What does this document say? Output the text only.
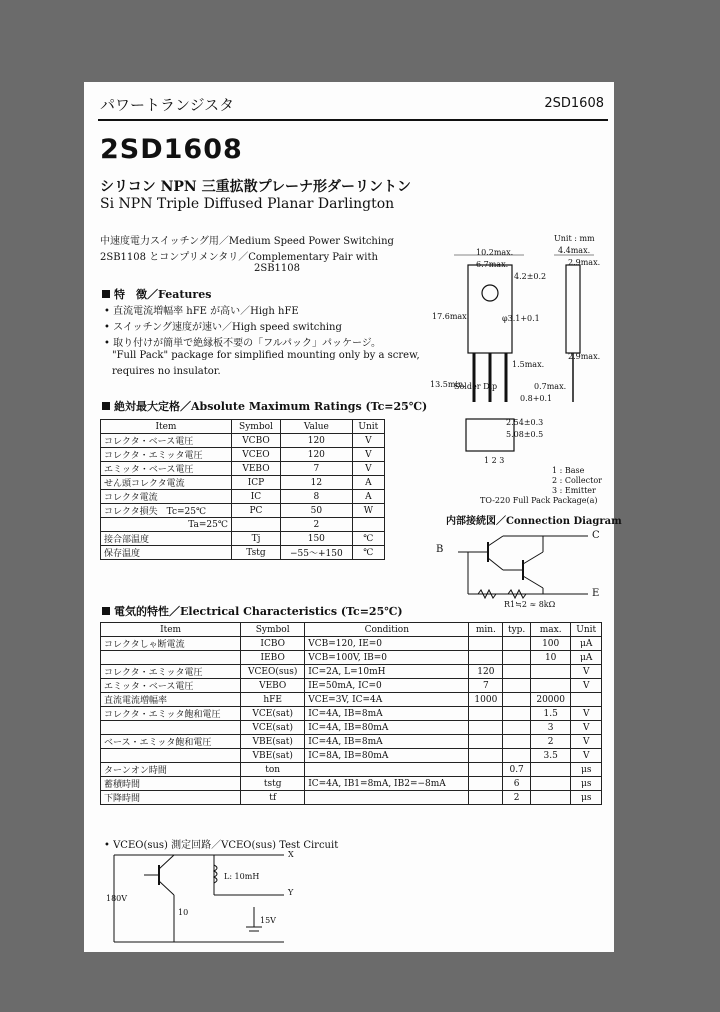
パワートランジスタ	2SD1608
2SD1608
シリコン NPN 三重拡散プレーナ形ダーリントン
Si NPN Triple Diffused Planar Darlington
中速度電力スイッチング用／Medium Speed Power Switching
2SB1108 とコンプリメンタリ／Complementary Pair with
2SB1108
特　徴／Features
• 直流電流増幅率 hFE が高い／High hFE
• スイッチング速度が速い／High speed switching
• 取り付けが簡単で絶縁板不要の「フルパック」パッケージ。
"Full Pack" package for simplified mounting only by a screw,
requires no insulator.
絶対最大定格／Absolute Maximum Ratings (Tc=25℃)
Item	Symbol	Value	Unit
コレクタ・ベース電圧	VCBO	120	V
コレクタ・エミッタ電圧	VCEO	120	V
エミッタ・ベース電圧	VEBO	7	V
せん頭コレクタ電流	ICP	12	A
コレクタ電流	IC	8	A
コレクタ損失　Tc=25℃	PC	50	W
Ta=25℃		2	
接合部温度	Tj	150	℃
保存温度	Tstg	−55～+150	℃
Unit : mm
10.2max.	4.4max.
6.7max.
φ3.1+0.1
1.5max.
2.9max.
2.9max.
13.5min.	0.7max.
0.8+0.1
2.54±0.3
5.08±0.5
Solder Dip
4.2±0.2
17.6max.
1 2 3
1 : Base
2 : Collector
3 : Emitter
TO-220 Full Pack Package(a)
内部接続図／Connection Diagram
B
C
E
R1≒2 ≈ 8kΩ
電気的特性／Electrical Characteristics (Tc=25℃)
Item	Symbol	Condition	min.	typ.	max.	Unit
コレクタしゃ断電流	ICBO	VCB=120, IE=0			100	μA
	IEBO	VCB=100V, IB=0			10	μA
コレクタ・エミッタ電圧	VCEO(sus)	IC=2A, L=10mH	120			V
エミッタ・ベース電圧	VEBO	IE=50mA, IC=0	7			V
直流電流増幅率	hFE	VCE=3V, IC=4A	1000		20000	
コレクタ・エミッタ飽和電圧	VCE(sat)	IC=4A, IB=8mA			1.5	V
	VCE(sat)	IC=4A, IB=80mA			3	V
ベース・エミッタ飽和電圧	VBE(sat)	IC=4A, IB=8mA			2	V
	VBE(sat)	IC=8A, IB=80mA			3.5	V
ターンオン時間	ton			0.7		μs
蓄積時間	tstg	IC=4A, IB1=8mA, IB2=−8mA		6		μs
下降時間	tf			2		μs
• VCEO(sus) 測定回路／VCEO(sus) Test Circuit
L: 10mH
10
15V
X
Y
180V
